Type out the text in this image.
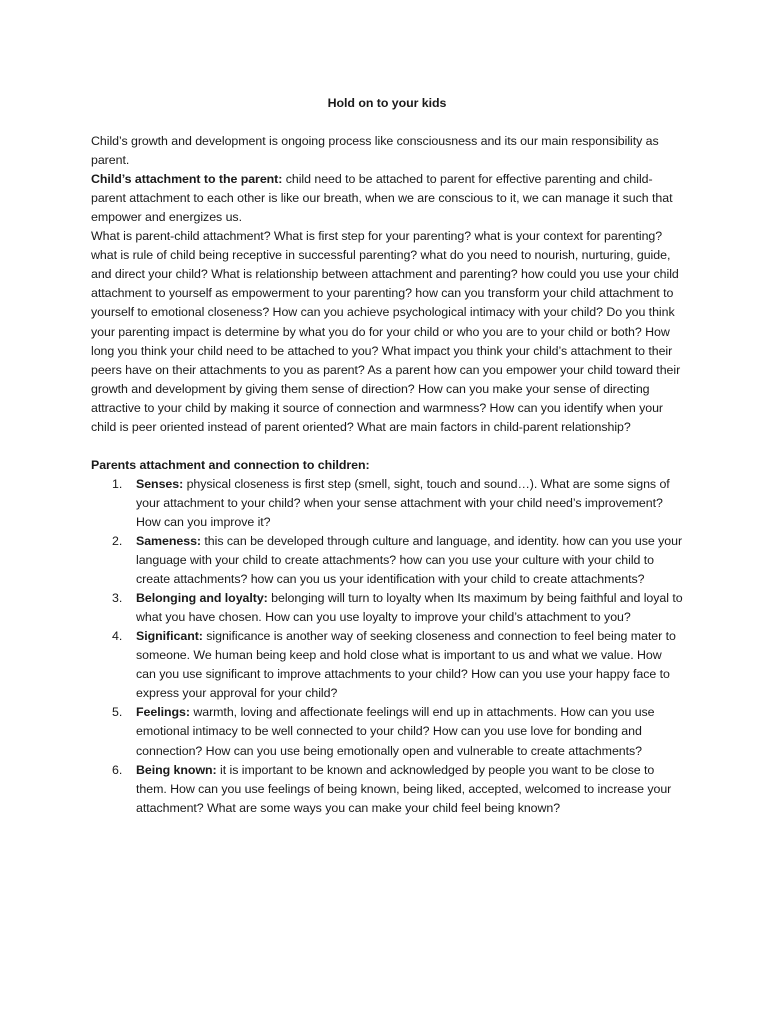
Hold on to your kids

Child’s growth and development is ongoing process like consciousness and its our main responsibility as parent.

Child’s attachment to the parent: child need to be attached to parent for effective parenting and child-parent attachment to each other is like our breath, when we are conscious to it, we can manage it such that empower and energizes us.

What is parent-child attachment? What is first step for your parenting? what is your context for parenting? what is rule of child being receptive in successful parenting? what do you need to nourish, nurturing, guide, and direct your child? What is relationship between attachment and parenting? how could you use your child attachment to yourself as empowerment to your parenting? how can you transform your child attachment to yourself to emotional closeness? How can you achieve psychological intimacy with your child? Do you think your parenting impact is determine by what you do for your child or who you are to your child or both? How long you think your child need to be attached to you? What impact you think your child’s attachment to their peers have on their attachments to you as parent? As a parent how can you empower your child toward their growth and development by giving them sense of direction? How can you make your sense of directing attractive to your child by making it source of connection and warmness? How can you identify when your child is peer oriented instead of parent oriented? What are main factors in child-parent relationship?

Parents attachment and connection to children:

1. Senses: physical closeness is first step (smell, sight, touch and sound…). What are some signs of your attachment to your child? when your sense attachment with your child need’s improvement? How can you improve it?
2. Sameness: this can be developed through culture and language, and identity. how can you use your language with your child to create attachments? how can you use your culture with your child to create attachments? how can you us your identification with your child to create attachments?
3. Belonging and loyalty: belonging will turn to loyalty when Its maximum by being faithful and loyal to what you have chosen. How can you use loyalty to improve your child’s attachment to you?
4. Significant: significance is another way of seeking closeness and connection to feel being mater to someone. We human being keep and hold close what is important to us and what we value. How can you use significant to improve attachments to your child? How can you use your happy face to express your approval for your child?
5. Feelings: warmth, loving and affectionate feelings will end up in attachments. How can you use emotional intimacy to be well connected to your child? How can you use love for bonding and connection? How can you use being emotionally open and vulnerable to create attachments?
6. Being known: it is important to be known and acknowledged by people you want to be close to them. How can you use feelings of being known, being liked, accepted, welcomed to increase your attachment? What are some ways you can make your child feel being known?
